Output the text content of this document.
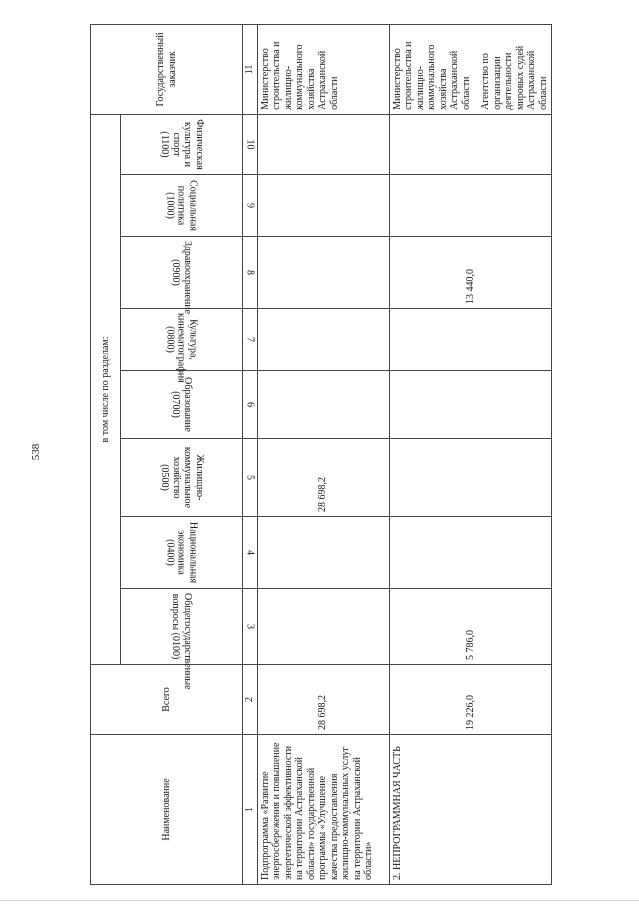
538
Наименование	Всего	в том числе по разделам:								Государственный заказчик

		Общегосударственные вопросы (0100)	Национальная экономика (0400)	Жилищно-коммунальное хозяйство (0500)	Образование (0700)	Культура, кинематография (0800)	Здравоохранение (0900)	Социальная политика (1000)	Физическая культура и спорт (1100)	

1	2	3	4	5	6	7	8	9	10	11
Подпрограмма «Развитие энергосбережения и повышение энергетической эффективности на территории Астраханской области» государственной программы «Улучшение качества предоставления жилищно-коммунальных услуг на территории Астраханской области»	28 698,2			28 698,2						Министерство строительства и жилищно-коммунального хозяйства Астраханской области

2. НЕПРОГРАММНАЯ ЧАСТЬ	19 226,0	5 786,0					13 440,0			Министерство строительства и жилищно-коммунального хозяйства Астраханской области Агентство по организации деятельности мировых судей Астраханской области
